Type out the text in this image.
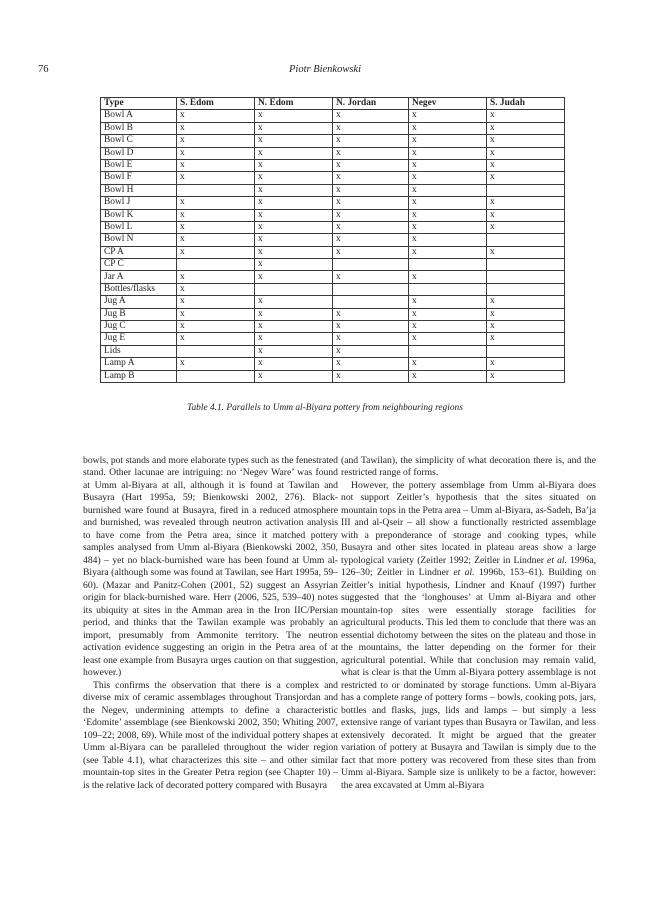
76	Piotr Bienkowski
Type	S. Edom	N. Edom	N. Jordan	Negev	S. Judah
Bowl A	x	x	x	x	x
Bowl B	x	x	x	x	x
Bowl C	x	x	x	x	x
Bowl D	x	x	x	x	x
Bowl E	x	x	x	x	x
Bowl F	x	x	x	x	x
Bowl H		x	x	x	
Bowl J	x	x	x	x	x
Bowl K	x	x	x	x	x
Bowl L	x	x	x	x	x
Bowl N	x	x	x	x	
CP A	x	x	x	x	x
CP C		x			
Jar A	x	x	x	x	
Bottles/flasks	x				
Jug A	x	x		x	x
Jug B	x	x	x	x	x
Jug C	x	x	x	x	x
Jug E	x	x	x	x	x
Lids		x	x		
Lamp A	x	x	x	x	x
Lamp B		x	x	x	x
Table 4.1. Parallels to Umm al-Biyara pottery from neighbouring regions

bowls, pot stands and more elaborate types such as the fenestrated stand. Other lacunae are intriguing: no ‘Negev Ware’ was found at Umm al-Biyara at all, although it is found at Tawilan and Busayra (Hart 1995a, 59; Bienkowski 2002, 276). Black-burnished ware found at Busayra, fired in a reduced atmosphere and burnished, was revealed through neutron activation analysis to have come from the Petra area, since it matched pottery samples analysed from Umm al-Biyara (Bienkowski 2002, 350, 484) – yet no black-burnished ware has been found at Umm al-Biyara (although some was found at Tawilan, see Hart 1995a, 59–60). (Mazar and Panitz-Cohen (2001, 52) suggest an Assyrian origin for black-burnished ware. Herr (2006, 525, 539–40) notes its ubiquity at sites in the Amman area in the Iron IIC/Persian period, and thinks that the Tawilan example was probably an import, presumably from Ammonite territory. The neutron activation evidence suggesting an origin in the Petra area of at least one example from Busayra urges caution on that suggestion, however.)

This confirms the observation that there is a complex and diverse mix of ceramic assemblages throughout Transjordan and the Negev, undermining attempts to define a characteristic ‘Edomite’ assemblage (see Bienkowski 2002, 350; Whiting 2007, 109–22; 2008, 69). While most of the individual pottery shapes at Umm al-Biyara can be paralleled throughout the wider region (see Table 4.1), what characterizes this site – and other similar mountain-top sites in the Greater Petra region (see Chapter 10) – is the relative lack of decorated pottery compared with Busayra

(and Tawilan), the simplicity of what decoration there is, and the restricted range of forms.

However, the pottery assemblage from Umm al-Biyara does not support Zeitler’s hypothesis that the sites situated on mountain tops in the Petra area – Umm al-Biyara, as-Sadeh, Ba’ja III and al-Qseir – all show a functionally restricted assemblage with a preponderance of storage and cooking types, while Busayra and other sites located in plateau areas show a large typological variety (Zeitler 1992; Zeitler in Lindner et al. 1996a, 126–30; Zeitler in Lindner et al. 1996b, 153–61). Building on Zeitler’s initial hypothesis, Lindner and Knauf (1997) further suggested that the ‘longhouses’ at Umm al-Biyara and other mountain-top sites were essentially storage facilities for agricultural products. This led them to conclude that there was an essential dichotomy between the sites on the plateau and those in the mountains, the latter depending on the former for their agricultural potential. While that conclusion may remain valid, what is clear is that the Umm al-Biyara pottery assemblage is not restricted to or dominated by storage functions. Umm al-Biyara has a complete range of pottery forms – bowls, cooking pots, jars, bottles and flasks, jugs, lids and lamps – but simply a less extensive range of variant types than Busayra or Tawilan, and less extensively decorated. It might be argued that the greater variation of pottery at Busayra and Tawilan is simply due to the fact that more pottery was recovered from these sites than from Umm al-Biyara. Sample size is unlikely to be a factor, however: the area excavated at Umm al-Biyara
